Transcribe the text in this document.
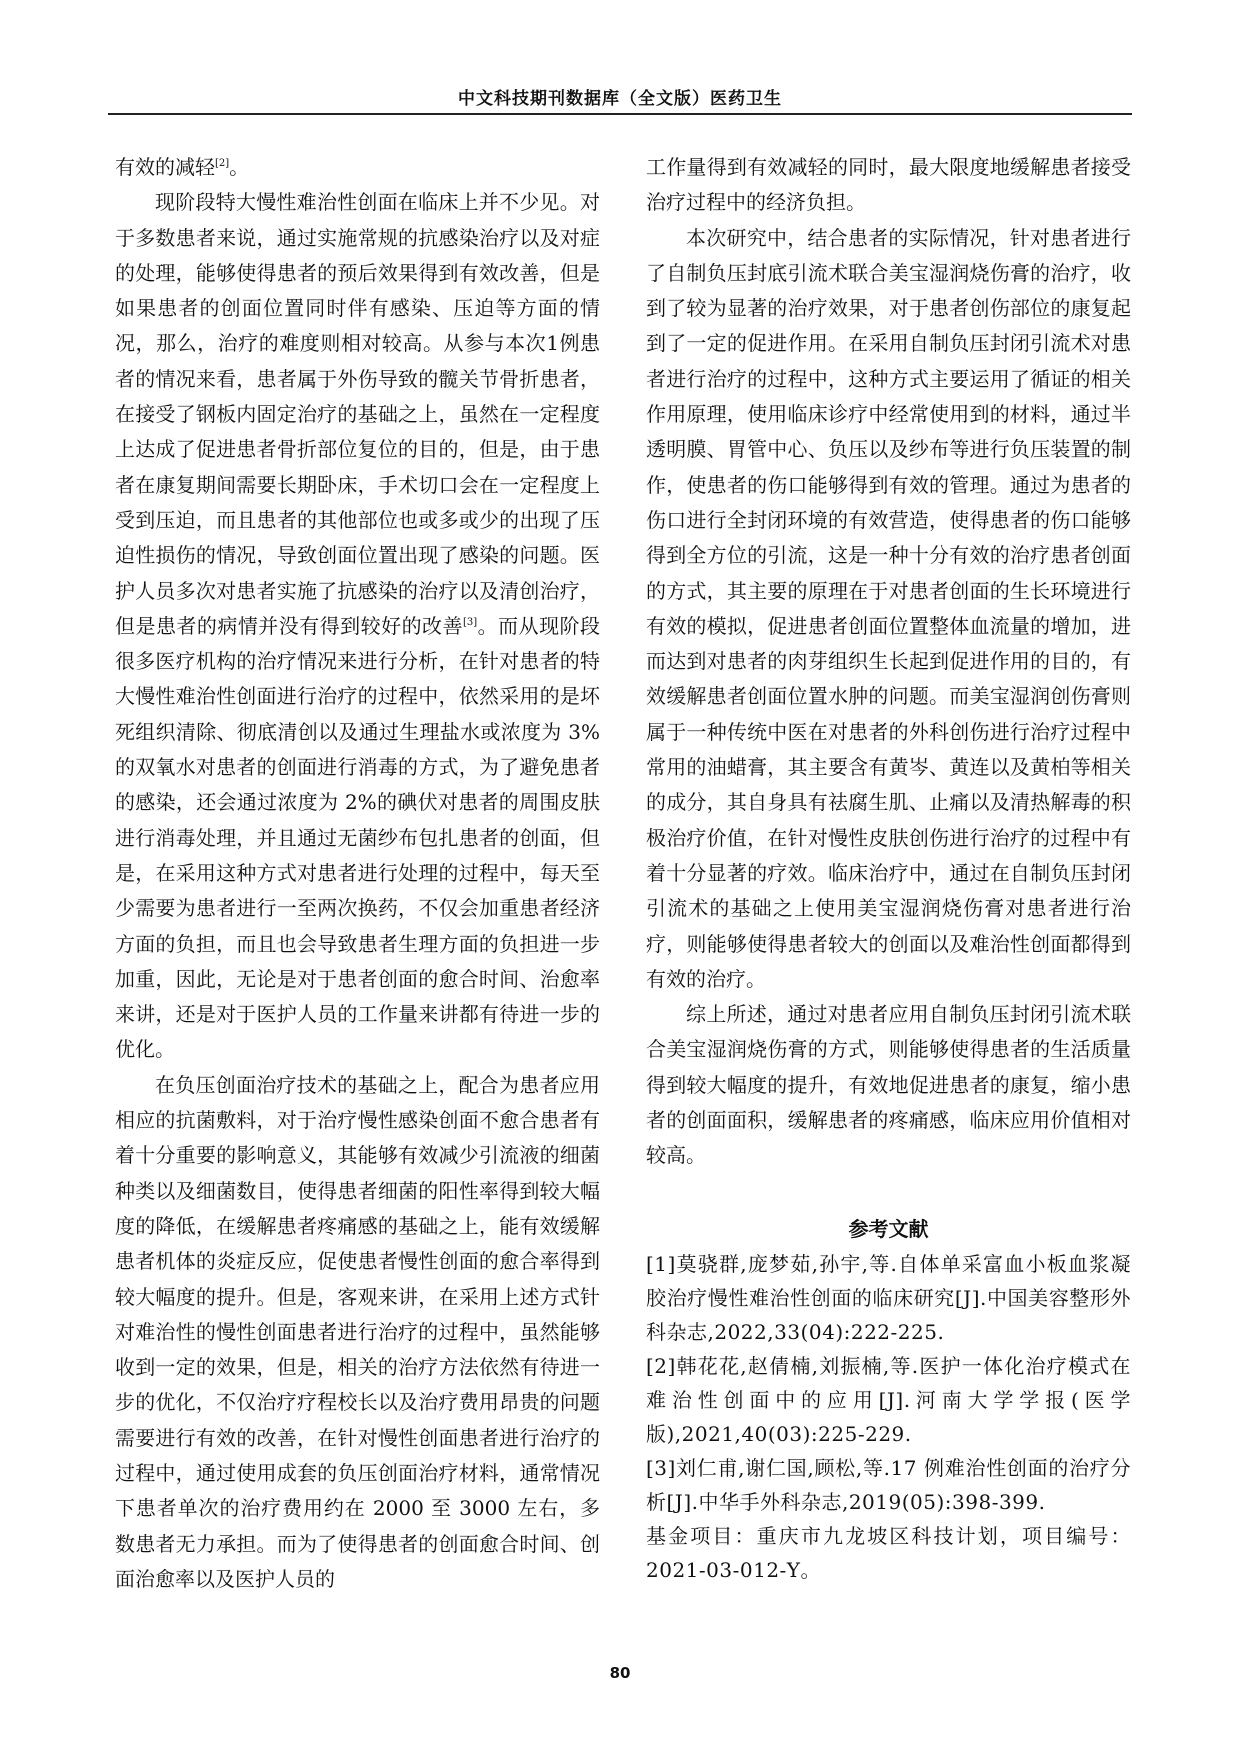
中文科技期刊数据库（全文版）医药卫生

有效的减轻[2]。

现阶段特大慢性难治性创面在临床上并不少见。对于多数患者来说，通过实施常规的抗感染治疗以及对症的处理，能够使得患者的预后效果得到有效改善，但是如果患者的创面位置同时伴有感染、压迫等方面的情况，那么，治疗的难度则相对较高。从参与本次1例患者的情况来看，患者属于外伤导致的髋关节骨折患者，在接受了钢板内固定治疗的基础之上，虽然在一定程度上达成了促进患者骨折部位复位的目的，但是，由于患者在康复期间需要长期卧床，手术切口会在一定程度上受到压迫，而且患者的其他部位也或多或少的出现了压迫性损伤的情况，导致创面位置出现了感染的问题。医护人员多次对患者实施了抗感染的治疗以及清创治疗，但是患者的病情并没有得到较好的改善[3]。而从现阶段很多医疗机构的治疗情况来进行分析，在针对患者的特大慢性难治性创面进行治疗的过程中，依然采用的是坏死组织清除、彻底清创以及通过生理盐水或浓度为 3%的双氧水对患者的创面进行消毒的方式，为了避免患者的感染，还会通过浓度为 2%的碘伏对患者的周围皮肤进行消毒处理，并且通过无菌纱布包扎患者的创面，但是，在采用这种方式对患者进行处理的过程中，每天至少需要为患者进行一至两次换药，不仅会加重患者经济方面的负担，而且也会导致患者生理方面的负担进一步加重，因此，无论是对于患者创面的愈合时间、治愈率来讲，还是对于医护人员的工作量来讲都有待进一步的优化。

在负压创面治疗技术的基础之上，配合为患者应用相应的抗菌敷料，对于治疗慢性感染创面不愈合患者有着十分重要的影响意义，其能够有效减少引流液的细菌种类以及细菌数目，使得患者细菌的阳性率得到较大幅度的降低，在缓解患者疼痛感的基础之上，能有效缓解患者机体的炎症反应，促使患者慢性创面的愈合率得到较大幅度的提升。但是，客观来讲，在采用上述方式针对难治性的慢性创面患者进行治疗的过程中，虽然能够收到一定的效果，但是，相关的治疗方法依然有待进一步的优化，不仅治疗疗程校长以及治疗费用昂贵的问题需要进行有效的改善，在针对慢性创面患者进行治疗的过程中，通过使用成套的负压创面治疗材料，通常情况下患者单次的治疗费用约在 2000 至 3000 左右，多数患者无力承担。而为了使得患者的创面愈合时间、创面治愈率以及医护人员的

工作量得到有效减轻的同时，最大限度地缓解患者接受治疗过程中的经济负担。

本次研究中，结合患者的实际情况，针对患者进行了自制负压封底引流术联合美宝湿润烧伤膏的治疗，收到了较为显著的治疗效果，对于患者创伤部位的康复起到了一定的促进作用。在采用自制负压封闭引流术对患者进行治疗的过程中，这种方式主要运用了循证的相关作用原理，使用临床诊疗中经常使用到的材料，通过半透明膜、胃管中心、负压以及纱布等进行负压装置的制作，使患者的伤口能够得到有效的管理。通过为患者的伤口进行全封闭环境的有效营造，使得患者的伤口能够得到全方位的引流，这是一种十分有效的治疗患者创面的方式，其主要的原理在于对患者创面的生长环境进行有效的模拟，促进患者创面位置整体血流量的增加，进而达到对患者的肉芽组织生长起到促进作用的目的，有效缓解患者创面位置水肿的问题。而美宝湿润创伤膏则属于一种传统中医在对患者的外科创伤进行治疗过程中常用的油蜡膏，其主要含有黄岑、黄连以及黄柏等相关的成分，其自身具有祛腐生肌、止痛以及清热解毒的积极治疗价值，在针对慢性皮肤创伤进行治疗的过程中有着十分显著的疗效。临床治疗中，通过在自制负压封闭引流术的基础之上使用美宝湿润烧伤膏对患者进行治疗，则能够使得患者较大的创面以及难治性创面都得到有效的治疗。

综上所述，通过对患者应用自制负压封闭引流术联合美宝湿润烧伤膏的方式，则能够使得患者的生活质量得到较大幅度的提升，有效地促进患者的康复，缩小患者的创面面积，缓解患者的疼痛感，临床应用价值相对较高。

参考文献

[1]莫骁群,庞梦茹,孙宇,等.自体单采富血小板血浆凝胶治疗慢性难治性创面的临床研究[J].中国美容整形外科杂志,2022,33(04):222-225.

[2]韩花花,赵倩楠,刘振楠,等.医护一体化治疗模式在难治性创面中的应用[J].河南大学学报(医学版),2021,40(03):225-229.

[3]刘仁甫,谢仁国,顾松,等.17 例难治性创面的治疗分析[J].中华手外科杂志,2019(05):398-399.

基金项目：重庆市九龙坡区科技计划，项目编号：2021-03-012-Y。

80
